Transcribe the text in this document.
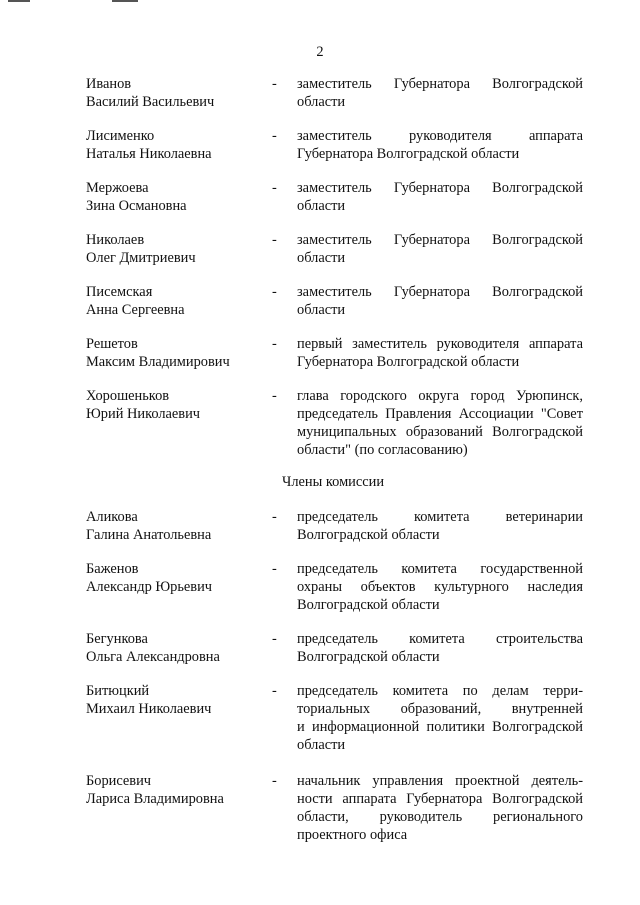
2
Иванов
Василий Васильевич
- заместитель Губернатора Волгоградской
области
Лисименко
Наталья Николаевна
- заместитель руководителя аппарата
Губернатора Волгоградской области
Мержоева
Зина Османовна
- заместитель Губернатора Волгоградской
области
Николаев
Олег Дмитриевич
- заместитель Губернатора Волгоградской
области
Писемская
Анна Сергеевна
- заместитель Губернатора Волгоградской
области
Решетов
Максим Владимирович
- первый заместитель руководителя аппарата
Губернатора Волгоградской области
Хорошеньков
Юрий Николаевич
- глава городского округа город Урюпинск,
председатель Правления Ассоциации "Совет
муниципальных образований Волгоградской
области" (по согласованию)
Аликова
Галина Анатольевна
- председатель комитета ветеринарии
Волгоградской области
Баженов
Александр Юрьевич
- председатель комитета государственной
охраны объектов культурного наследия
Волгоградской области
Бегункова
Ольга Александровна
- председатель комитета строительства
Волгоградской области
Битюцкий
Михаил Николаевич
- председатель комитета по делам терри-
ториальных образований, внутренней
и информационной политики Волгоградской
области
Борисевич
Лариса Владимировна
- начальник управления проектной деятель-
ности аппарата Губернатора Волгоградской
области, руководитель регионального
проектного офиса
Члены комиссии
